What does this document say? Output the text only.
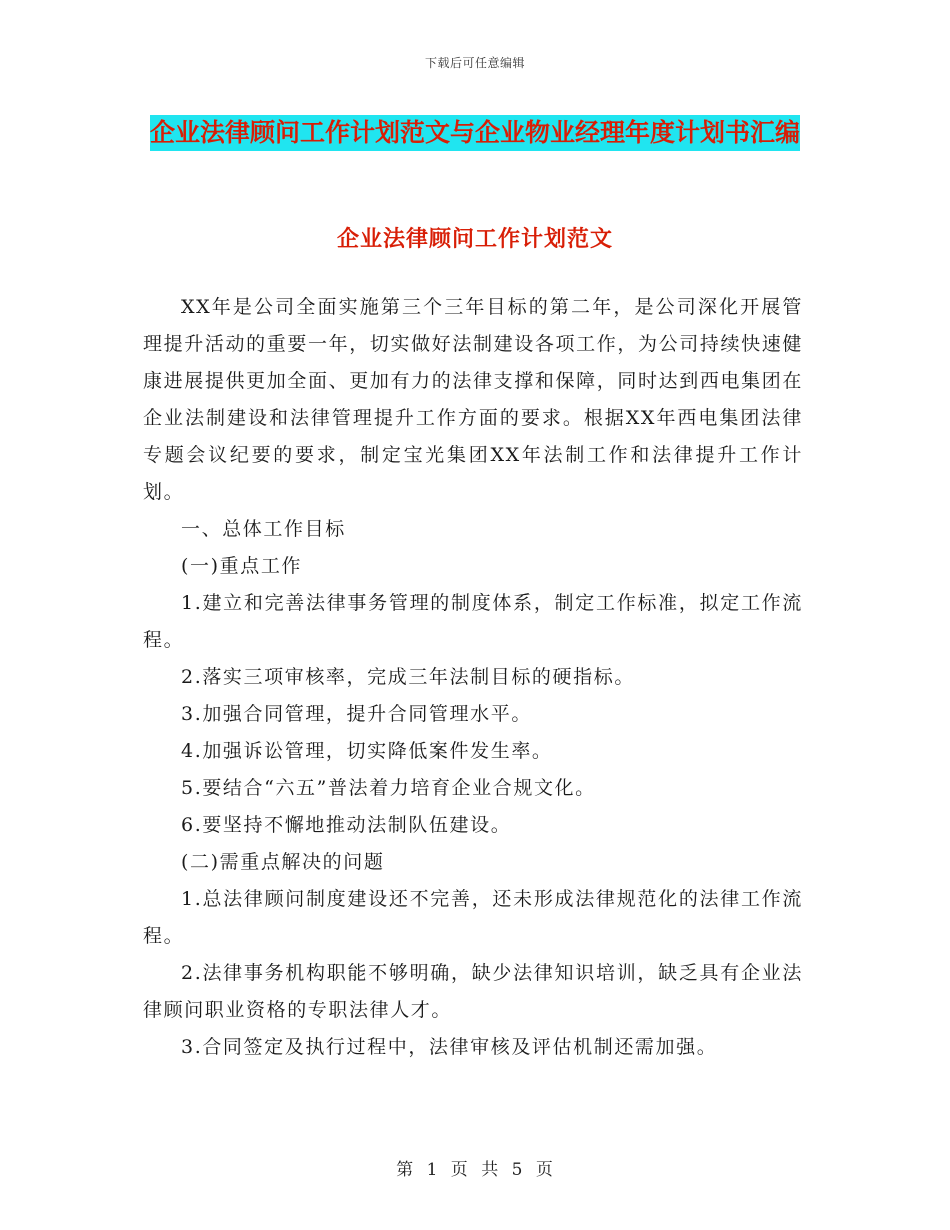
下载后可任意编辑
企业法律顾问工作计划范文与企业物业经理年度计划书汇编
企业法律顾问工作计划范文

XX年是公司全面实施第三个三年目标的第二年，是公司深化开展管理提升活动的重要一年，切实做好法制建设各项工作，为公司持续快速健康进展提供更加全面、更加有力的法律支撑和保障，同时达到西电集团在企业法制建设和法律管理提升工作方面的要求。根据XX年西电集团法律专题会议纪要的要求，制定宝光集团XX年法制工作和法律提升工作计划。

一、总体工作目标

(一)重点工作

1.建立和完善法律事务管理的制度体系，制定工作标准，拟定工作流程。

2.落实三项审核率，完成三年法制目标的硬指标。

3.加强合同管理，提升合同管理水平。

4.加强诉讼管理，切实降低案件发生率。

5.要结合“六五”普法着力培育企业合规文化。

6.要坚持不懈地推动法制队伍建设。

(二)需重点解决的问题

1.总法律顾问制度建设还不完善，还未形成法律规范化的法律工作流程。

2.法律事务机构职能不够明确，缺少法律知识培训，缺乏具有企业法律顾问职业资格的专职法律人才。

3.合同签定及执行过程中，法律审核及评估机制还需加强。

第 1 页 共 5 页
